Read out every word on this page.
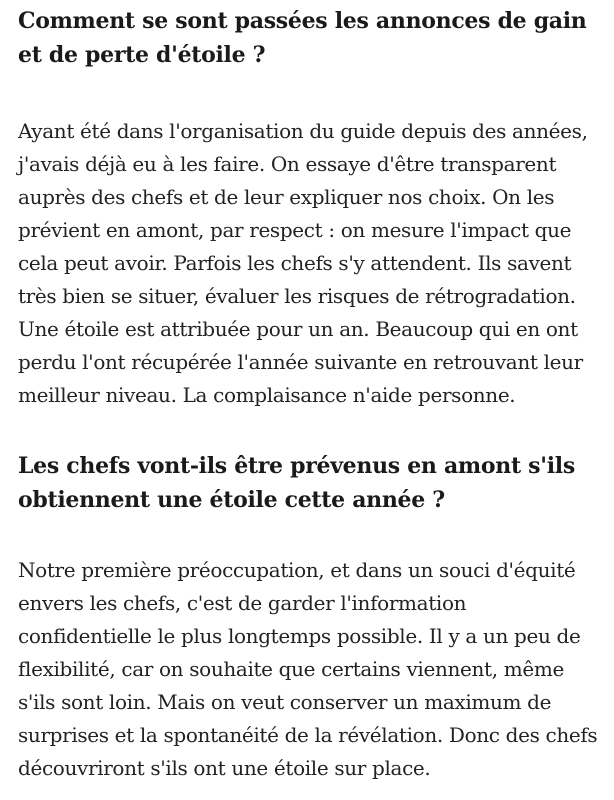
Comment se sont passées les annonces de gain et de perte d'étoile ?

Ayant été dans l'organisation du guide depuis des années, j'avais déjà eu à les faire. On essaye d'être transparent auprès des chefs et de leur expliquer nos choix. On les prévient en amont, par respect : on mesure l'impact que cela peut avoir. Parfois les chefs s'y attendent. Ils savent très bien se situer, évaluer les risques de rétrogradation. Une étoile est attribuée pour un an. Beaucoup qui en ont perdu l'ont récupérée l'année suivante en retrouvant leur meilleur niveau. La complaisance n'aide personne.

Les chefs vont-ils être prévenus en amont s'ils obtiennent une étoile cette année ?

Notre première préoccupation, et dans un souci d'équité envers les chefs, c'est de garder l'information confidentielle le plus longtemps possible. Il y a un peu de flexibilité, car on souhaite que certains viennent, même s'ils sont loin. Mais on veut conserver un maximum de surprises et la spontanéité de la révélation. Donc des chefs découvriront s'ils ont une étoile sur place.
